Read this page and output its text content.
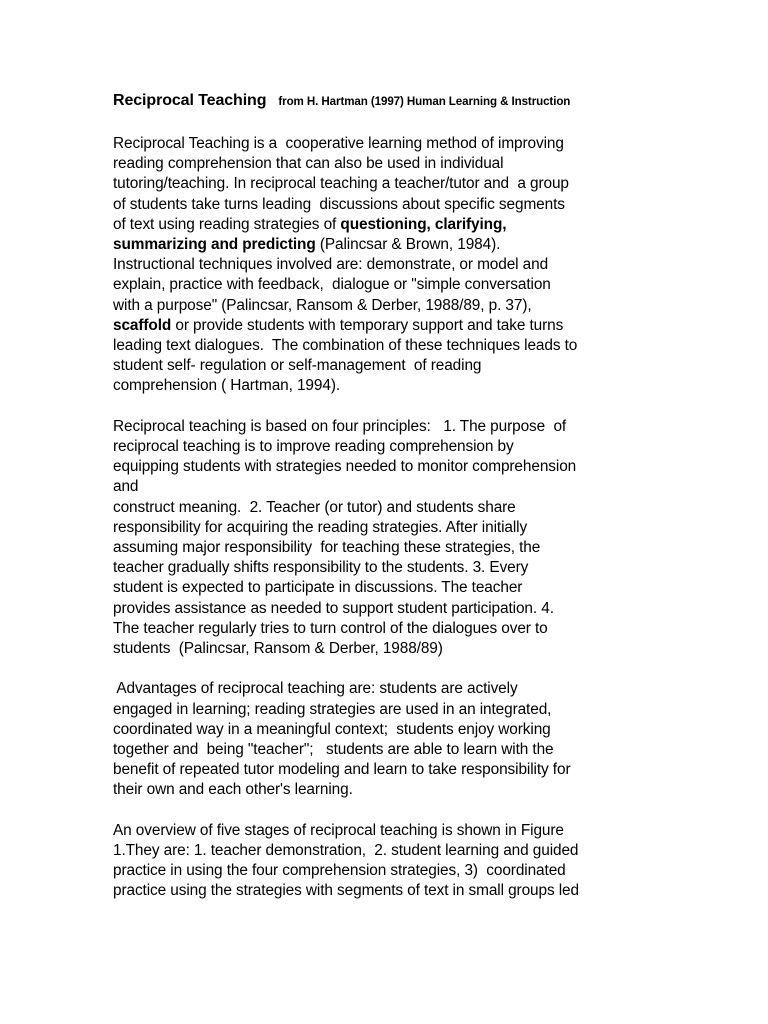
Reciprocal Teaching from H. Hartman (1997) Human Learning & Instruction
Reciprocal Teaching is a  cooperative learning method of improving
reading comprehension that can also be used in individual
tutoring/teaching. In reciprocal teaching a teacher/tutor and  a group
of students take turns leading  discussions about specific segments
of text using reading strategies of questioning, clarifying,
summarizing and predicting (Palincsar & Brown, 1984).
Instructional techniques involved are: demonstrate, or model and
explain, practice with feedback,  dialogue or "simple conversation
with a purpose" (Palincsar, Ransom & Derber, 1988/89, p. 37),
scaffold or provide students with temporary support and take turns
leading text dialogues.  The combination of these techniques leads to
student self- regulation or self-management  of reading
comprehension ( Hartman, 1994).
Reciprocal teaching is based on four principles:   1. The purpose  of
reciprocal teaching is to improve reading comprehension by
equipping students with strategies needed to monitor comprehension
and
construct meaning.  2. Teacher (or tutor) and students share
responsibility for acquiring the reading strategies. After initially
assuming major responsibility  for teaching these strategies, the
teacher gradually shifts responsibility to the students. 3. Every
student is expected to participate in discussions. The teacher
provides assistance as needed to support student participation. 4.
The teacher regularly tries to turn control of the dialogues over to
students  (Palincsar, Ransom & Derber, 1988/89)
Advantages of reciprocal teaching are: students are actively
engaged in learning; reading strategies are used in an integrated,
coordinated way in a meaningful context;  students enjoy working
together and  being "teacher";   students are able to learn with the
benefit of repeated tutor modeling and learn to take responsibility for
their own and each other's learning.
An overview of five stages of reciprocal teaching is shown in Figure
1.They are: 1. teacher demonstration,  2. student learning and guided
practice in using the four comprehension strategies, 3)  coordinated
practice using the strategies with segments of text in small groups led
